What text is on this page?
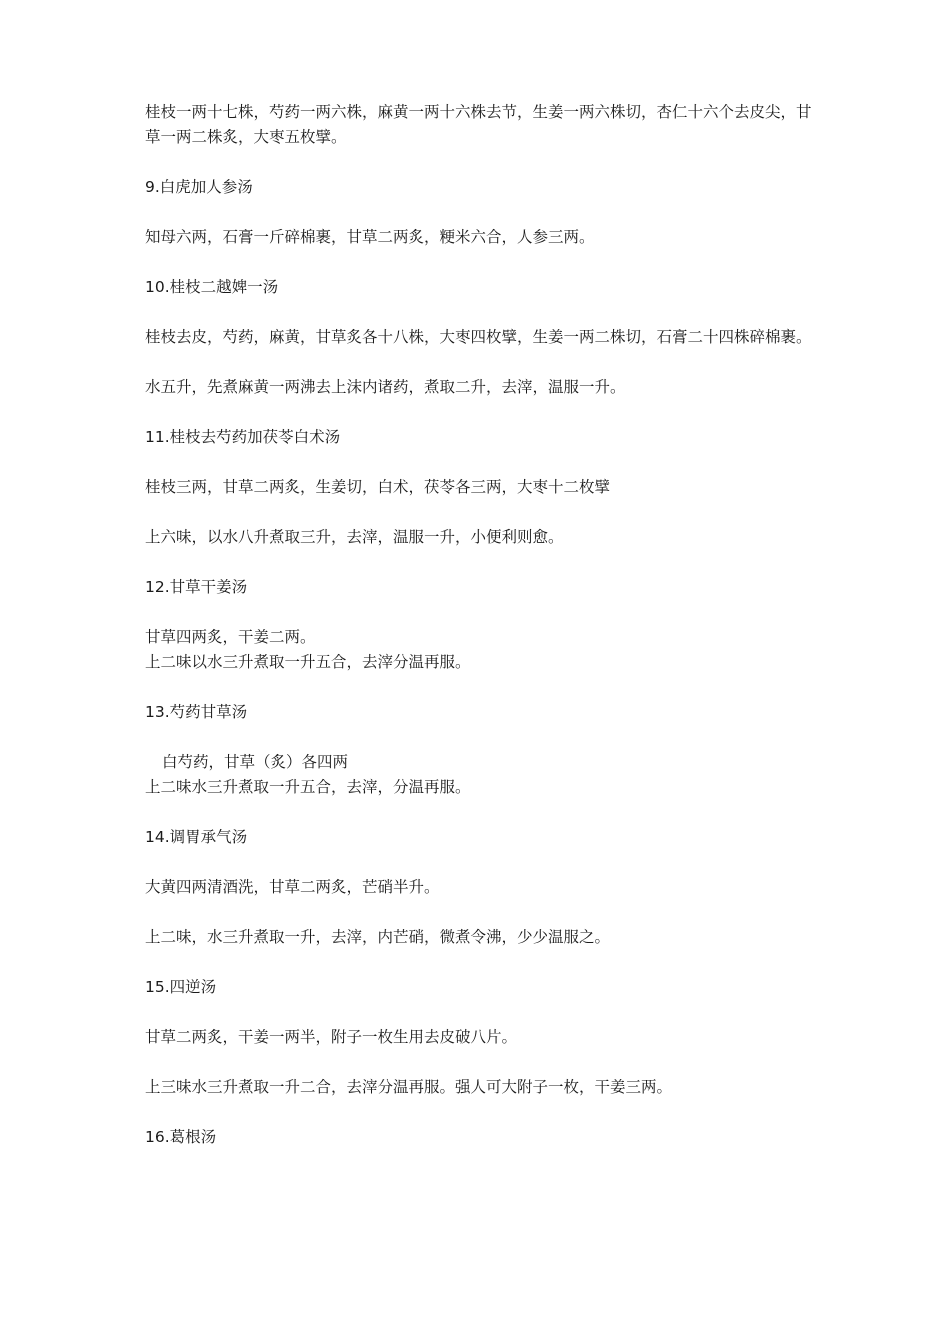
桂枝一两十七株，芍药一两六株，麻黄一两十六株去节，生姜一两六株切，杏仁十六个去皮尖，甘草一两二株炙，大枣五枚擘。

9.白虎加人参汤

知母六两，石膏一斤碎棉裹，甘草二两炙，粳米六合，人参三两。

10.桂枝二越婢一汤

桂枝去皮，芍药，麻黄，甘草炙各十八株，大枣四枚擘，生姜一两二株切，石膏二十四株碎棉裹。

水五升，先煮麻黄一两沸去上沫内诸药，煮取二升，去滓，温服一升。

11.桂枝去芍药加茯苓白术汤

桂枝三两，甘草二两炙，生姜切，白术，茯苓各三两，大枣十二枚擘

上六味，以水八升煮取三升，去滓，温服一升，小便利则愈。

12.甘草干姜汤

甘草四两炙，干姜二两。

上二味以水三升煮取一升五合，去滓分温再服。

13.芍药甘草汤

白芍药，甘草（炙）各四两

上二味水三升煮取一升五合，去滓，分温再服。

14.调胃承气汤

大黄四两清酒洗，甘草二两炙，芒硝半升。

上二味，水三升煮取一升，去滓，内芒硝，微煮令沸，少少温服之。

15.四逆汤

甘草二两炙，干姜一两半，附子一枚生用去皮破八片。

上三味水三升煮取一升二合，去滓分温再服。强人可大附子一枚，干姜三两。

16.葛根汤
